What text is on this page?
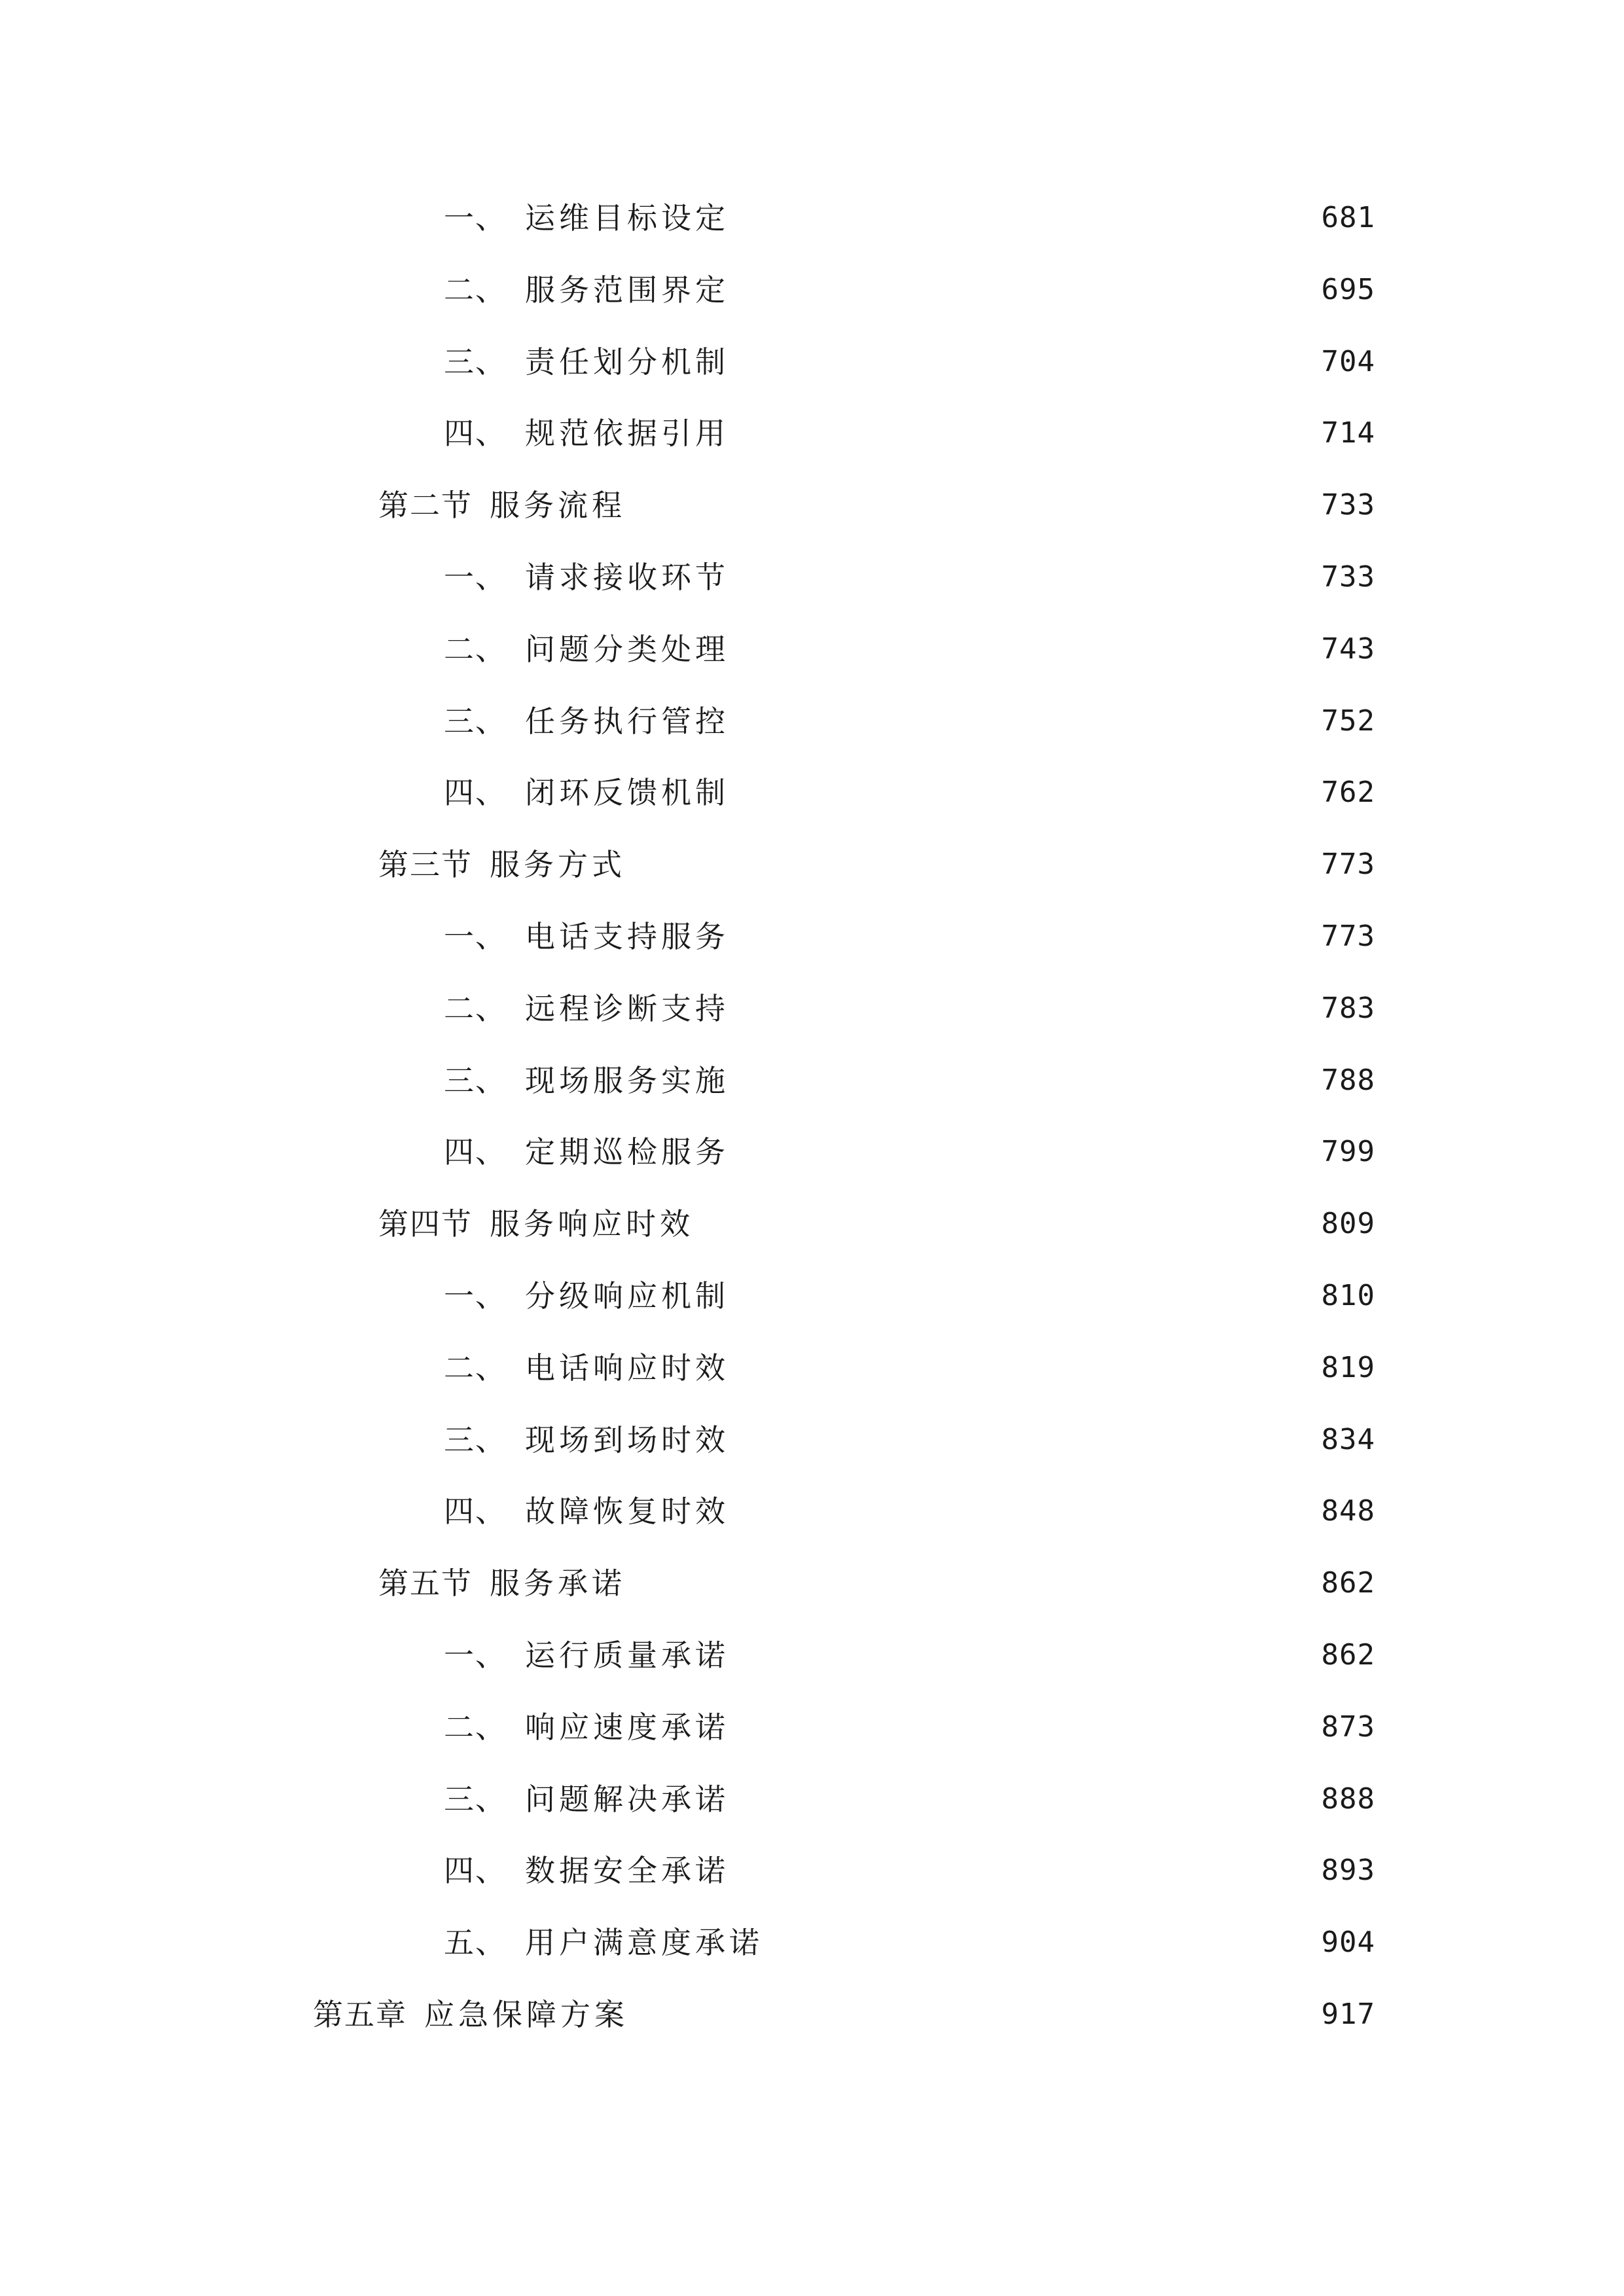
一、 运维目标设定	681
二、 服务范围界定	695
三、 责任划分机制	704
四、 规范依据引用	714
第二节 服务流程	733
一、 请求接收环节	733
二、 问题分类处理	743
三、 任务执行管控	752
四、 闭环反馈机制	762
第三节 服务方式	773
一、 电话支持服务	773
二、 远程诊断支持	783
三、 现场服务实施	788
四、 定期巡检服务	799
第四节 服务响应时效	809
一、 分级响应机制	810
二、 电话响应时效	819
三、 现场到场时效	834
四、 故障恢复时效	848
第五节 服务承诺	862
一、 运行质量承诺	862
二、 响应速度承诺	873
三、 问题解决承诺	888
四、 数据安全承诺	893
五、 用户满意度承诺	904
第五章 应急保障方案	917
